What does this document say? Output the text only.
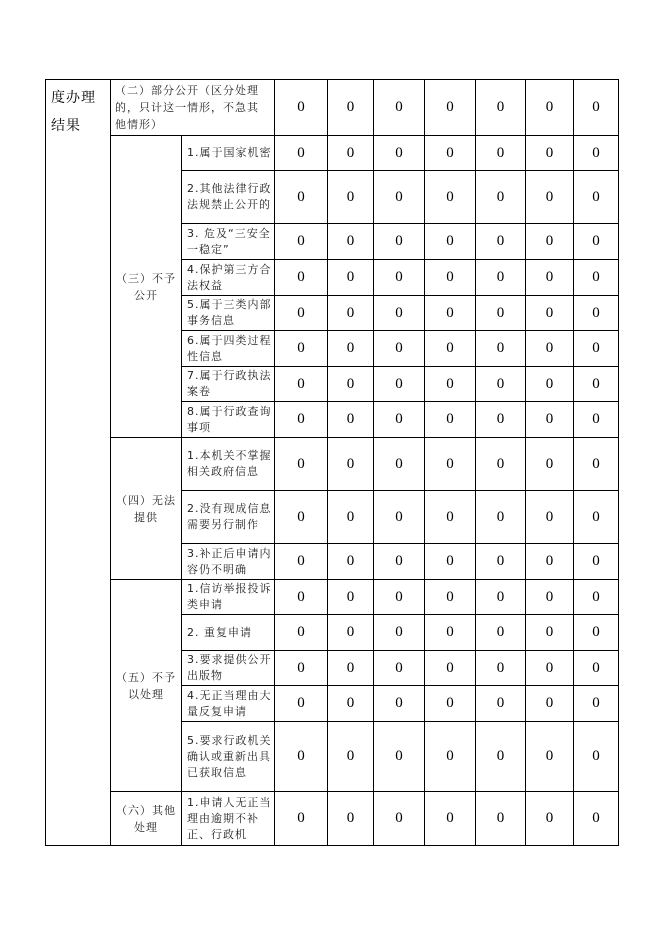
度办理结果	（二）部分公开（区分处理的，只计这一情形，不急其他情形）		0	0	0	0	0	0	0
	（三）不予公开	1.属于国家机密	0	0	0	0	0	0	0
		2.其他法律行政法规禁止公开的	0	0	0	0	0	0	0
		3. 危及“三安全一稳定”	0	0	0	0	0	0	0
		4.保护第三方合法权益	0	0	0	0	0	0	0
		5.属于三类内部事务信息	0	0	0	0	0	0	0
		6.属于四类过程性信息	0	0	0	0	0	0	0
		7.属于行政执法案卷	0	0	0	0	0	0	0
		8.属于行政查询事项	0	0	0	0	0	0	0
	（四）无法提供	1.本机关不掌握相关政府信息	0	0	0	0	0	0	0
		2.没有现成信息需要另行制作	0	0	0	0	0	0	0
		3.补正后申请内容仍不明确	0	0	0	0	0	0	0
	（五）不予以处理	1.信访举报投诉类申请	0	0	0	0	0	0	0
		2. 重复申请	0	0	0	0	0	0	0
		3.要求提供公开出版物	0	0	0	0	0	0	0
		4.无正当理由大量反复申请	0	0	0	0	0	0	0
		5.要求行政机关确认或重新出具已获取信息	0	0	0	0	0	0	0
	（六）其他处理	1.申请人无正当理由逾期不补正、行政机	0	0	0	0	0	0	0
